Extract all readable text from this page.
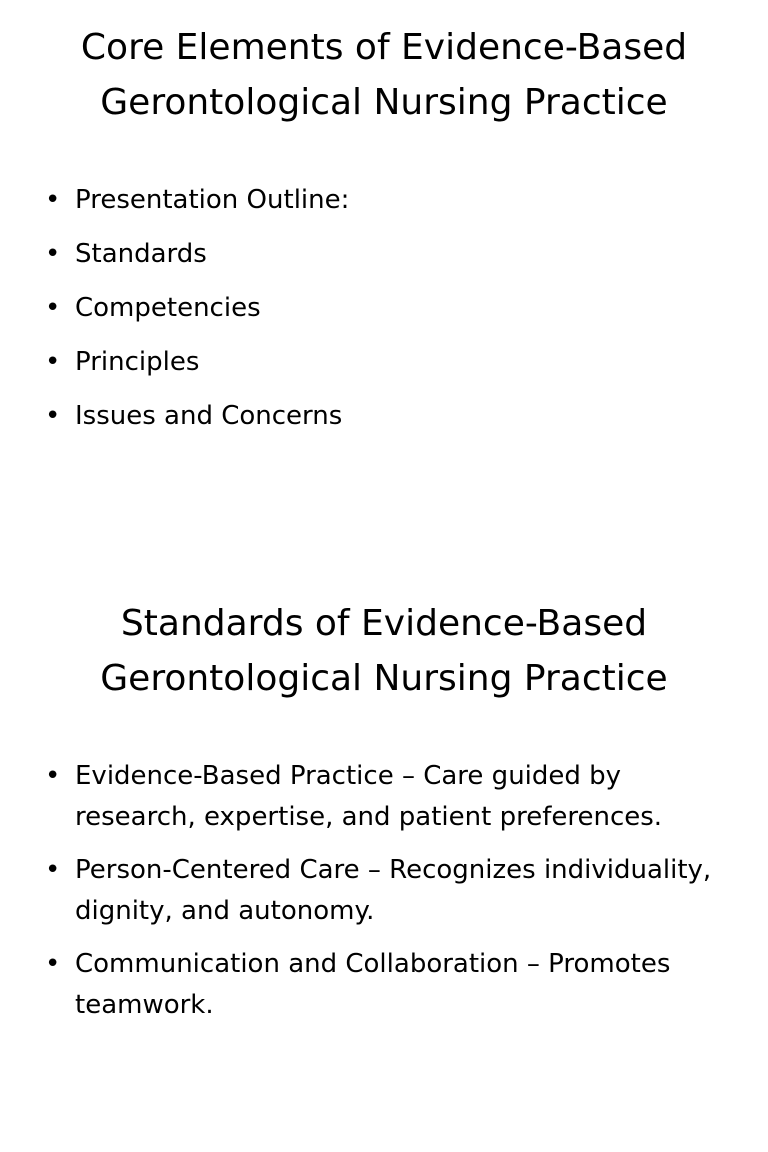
Core Elements of Evidence-Based Gerontological Nursing Practice
• Presentation Outline:
• Standards
• Competencies
• Principles
• Issues and Concerns
Standards of Evidence-Based Gerontological Nursing Practice
• Evidence-Based Practice – Care guided by research, expertise, and patient preferences.
• Person-Centered Care – Recognizes individuality, dignity, and autonomy.
• Communication and Collaboration – Promotes teamwork.
